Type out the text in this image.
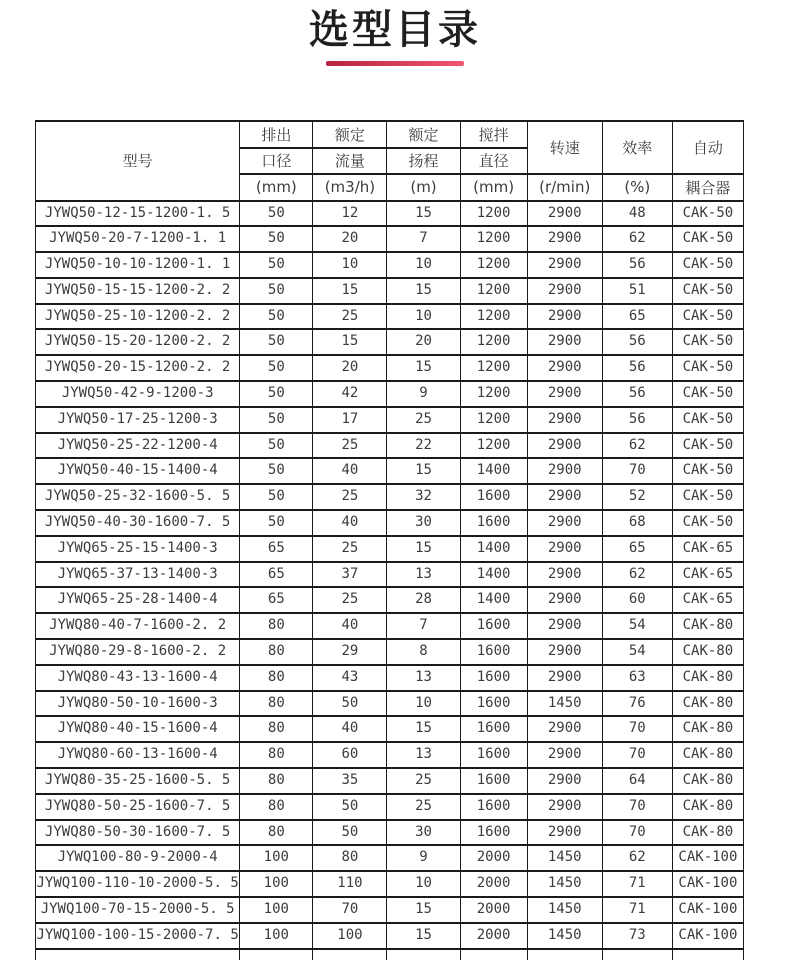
选型目录
型号	排出	额定	额定	搅拌	转速	效率	自动
	口径	流量	扬程	直径			
	(mm)	(m3/h)	(m)	(mm)	(r/min)	(%)	耦合器
JYWQ50-12-15-1200-1. 5	50	12	15	1200	2900	48	CAK-50
JYWQ50-20-7-1200-1. 1	50	20	7	1200	2900	62	CAK-50
JYWQ50-10-10-1200-1. 1	50	10	10	1200	2900	56	CAK-50
JYWQ50-15-15-1200-2. 2	50	15	15	1200	2900	51	CAK-50
JYWQ50-25-10-1200-2. 2	50	25	10	1200	2900	65	CAK-50
JYWQ50-15-20-1200-2. 2	50	15	20	1200	2900	56	CAK-50
JYWQ50-20-15-1200-2. 2	50	20	15	1200	2900	56	CAK-50
JYWQ50-42-9-1200-3	50	42	9	1200	2900	56	CAK-50
JYWQ50-17-25-1200-3	50	17	25	1200	2900	56	CAK-50
JYWQ50-25-22-1200-4	50	25	22	1200	2900	62	CAK-50
JYWQ50-40-15-1400-4	50	40	15	1400	2900	70	CAK-50
JYWQ50-25-32-1600-5. 5	50	25	32	1600	2900	52	CAK-50
JYWQ50-40-30-1600-7. 5	50	40	30	1600	2900	68	CAK-50
JYWQ65-25-15-1400-3	65	25	15	1400	2900	65	CAK-65
JYWQ65-37-13-1400-3	65	37	13	1400	2900	62	CAK-65
JYWQ65-25-28-1400-4	65	25	28	1400	2900	60	CAK-65
JYWQ80-40-7-1600-2. 2	80	40	7	1600	2900	54	CAK-80
JYWQ80-29-8-1600-2. 2	80	29	8	1600	2900	54	CAK-80
JYWQ80-43-13-1600-4	80	43	13	1600	2900	63	CAK-80
JYWQ80-50-10-1600-3	80	50	10	1600	1450	76	CAK-80
JYWQ80-40-15-1600-4	80	40	15	1600	2900	70	CAK-80
JYWQ80-60-13-1600-4	80	60	13	1600	2900	70	CAK-80
JYWQ80-35-25-1600-5. 5	80	35	25	1600	2900	64	CAK-80
JYWQ80-50-25-1600-7. 5	80	50	25	1600	2900	70	CAK-80
JYWQ80-50-30-1600-7. 5	80	50	30	1600	2900	70	CAK-80
JYWQ100-80-9-2000-4	100	80	9	2000	1450	62	CAK-100
JYWQ100-110-10-2000-5. 5	100	110	10	2000	1450	71	CAK-100
JYWQ100-70-15-2000-5. 5	100	70	15	2000	1450	71	CAK-100
JYWQ100-100-15-2000-7. 5	100	100	15	2000	1450	73	CAK-100
